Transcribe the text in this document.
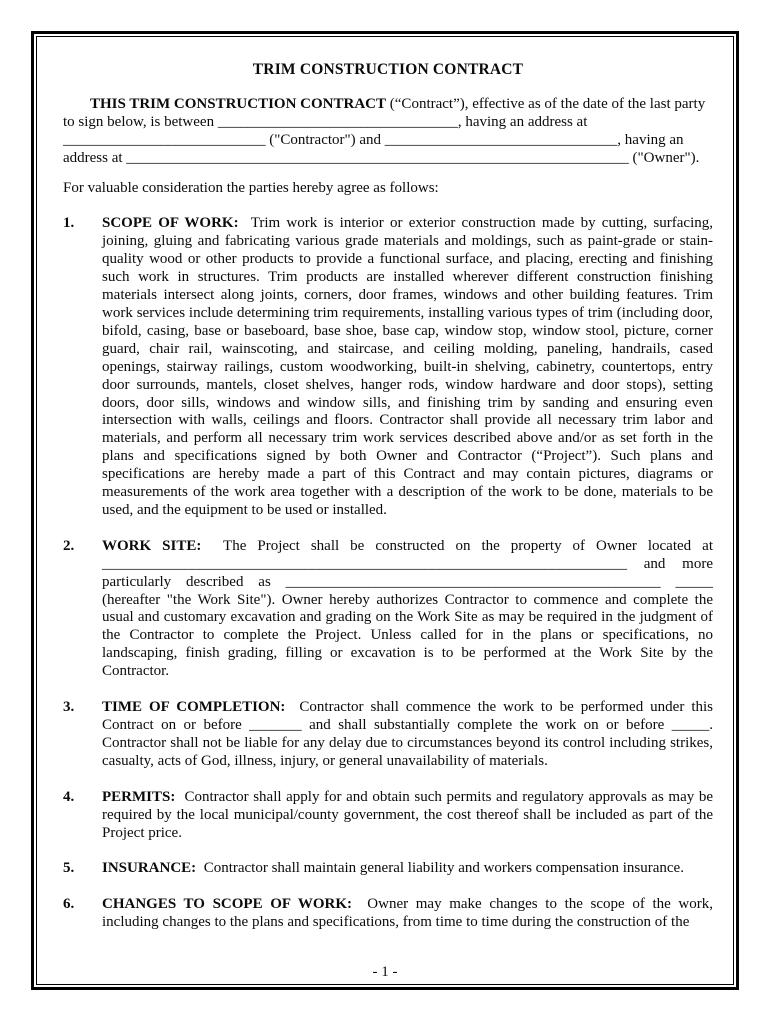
TRIM CONSTRUCTION CONTRACT

THIS TRIM CONSTRUCTION CONTRACT (“Contract”), effective as of the date of the last party to sign below, is between ________________________________, having an address at ___________________________ ("Contractor") and _______________________________, having an address at ___________________________________________________________________ ("Owner").

For valuable consideration the parties hereby agree as follows:

1.	SCOPE OF WORK:  Trim work is interior or exterior construction made by cutting, surfacing, joining, gluing and fabricating various grade materials and moldings, such as paint-grade or stain-quality wood or other products to provide a functional surface, and placing, erecting and finishing such work in structures. Trim products are installed wherever different construction finishing materials intersect along joints, corners, door frames, windows and other building features. Trim work services include determining trim requirements, installing various types of trim (including door, bifold, casing, base or baseboard, base shoe, base cap, window stop, window stool, picture, corner guard, chair rail, wainscoting, and staircase, and ceiling molding, paneling, handrails, cased openings, stairway railings, custom woodworking, built-in shelving, cabinetry, countertops, entry door surrounds, mantels, closet shelves, hanger rods, window hardware and door stops), setting doors, door sills, windows and window sills, and finishing trim by sanding and ensuring even intersection with walls, ceilings and floors. Contractor shall provide all necessary trim labor and materials, and perform all necessary trim work services described above and/or as set forth in the plans and specifications signed by both Owner and Contractor (“Project”). Such plans and specifications are hereby made a part of this Contract and may contain pictures, diagrams or measurements of the work area together with a description of the work to be done, materials to be used, and the equipment to be used or installed.
2.	WORK SITE:  The Project shall be constructed on the property of Owner located at ______________________________________________________________________ and more particularly described as __________________________________________________ _____ (hereafter "the Work Site"). Owner hereby authorizes Contractor to commence and complete the usual and customary excavation and grading on the Work Site as may be required in the judgment of the Contractor to complete the Project. Unless called for in the plans or specifications, no landscaping, finish grading, filling or excavation is to be performed at the Work Site by the Contractor.
3.	TIME OF COMPLETION:  Contractor shall commence the work to be performed under this Contract on or before _______ and shall substantially complete the work on or before _____. Contractor shall not be liable for any delay due to circumstances beyond its control including strikes, casualty, acts of God, illness, injury, or general unavailability of materials.
4.	PERMITS:  Contractor shall apply for and obtain such permits and regulatory approvals as may be required by the local municipal/county government, the cost thereof shall be included as part of the Project price.
5.	INSURANCE:  Contractor shall maintain general liability and workers compensation insurance.
6.	CHANGES TO SCOPE OF WORK:  Owner may make changes to the scope of the work, including changes to the plans and specifications, from time to time during the construction of the
- 1 -
